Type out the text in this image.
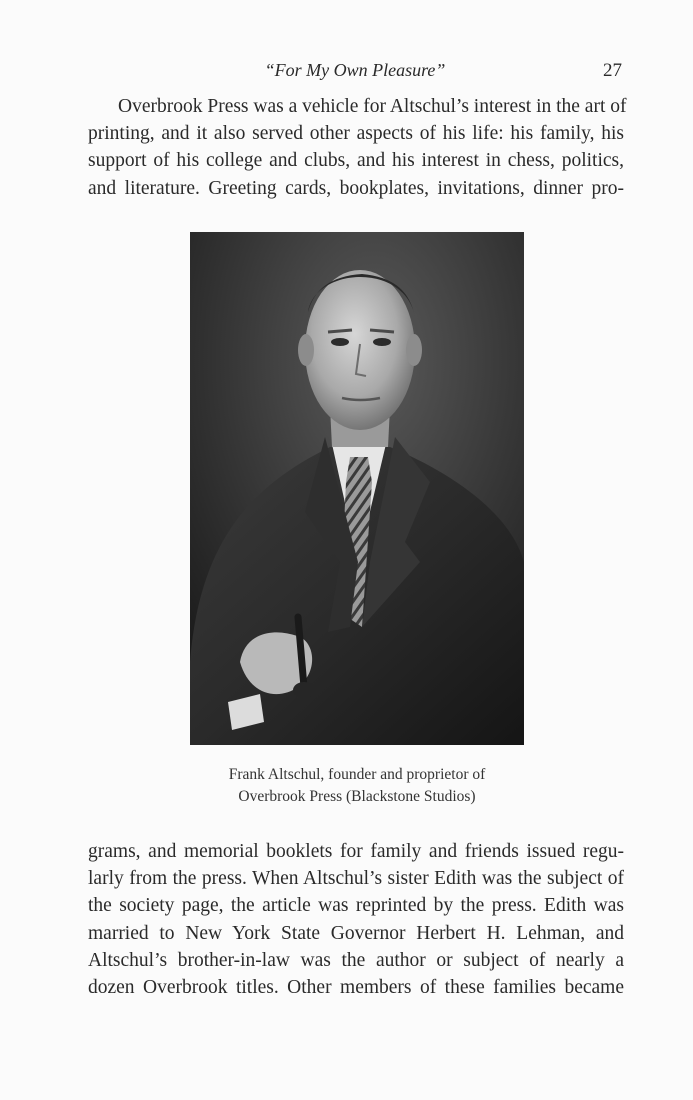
“For My Own Pleasure”	27

Overbrook Press was a vehicle for Altschul’s interest in the art of
printing, and it also served other aspects of his life: his family, his
support of his college and clubs, and his interest in chess, politics,
and literature. Greeting cards, bookplates, invitations, dinner pro-

Frank Altschul, founder and proprietor of
Overbrook Press (Blackstone Studios)

grams, and memorial booklets for family and friends issued regu-
larly from the press. When Altschul’s sister Edith was the subject of
the society page, the article was reprinted by the press. Edith was
married to New York State Governor Herbert H. Lehman, and
Altschul’s brother-in-law was the author or subject of nearly a
dozen Overbrook titles. Other members of these families became
